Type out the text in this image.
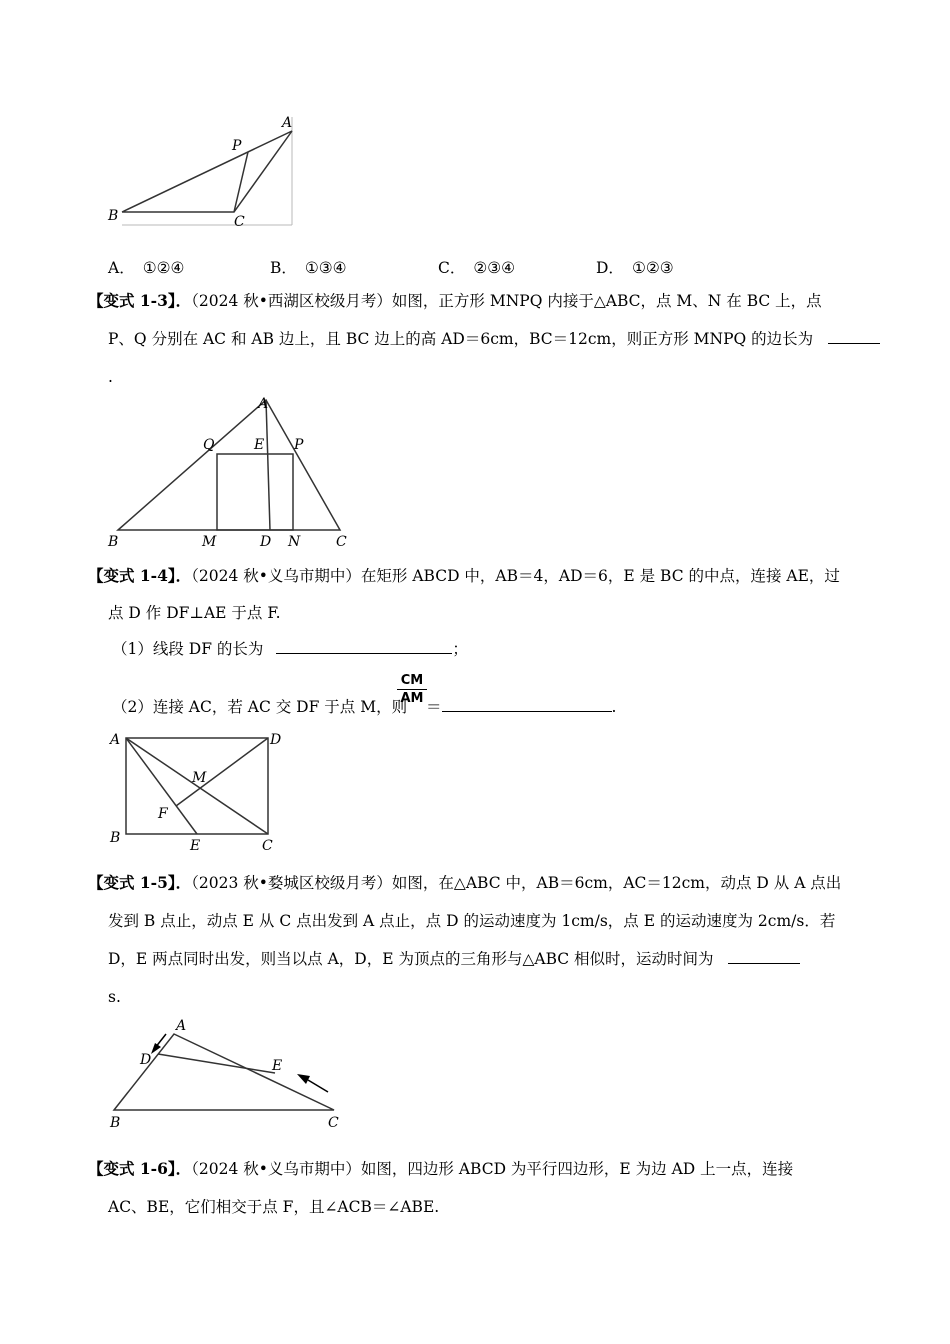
A
P
B	C
A． ①②④	B． ①③④	C． ②③④	D． ①②③
【变式 1-3】．（2024 秋•西湖区校级月考）如图，正方形 MNPQ 内接于△ABC，点 M、N 在 BC 上，点
P、Q 分别在 AC 和 AB 边上，且 BC 边上的高 AD＝6cm，BC＝12cm，则正方形 MNPQ 的边长为
.
A
Q	E P
B	M	D N	C
【变式 1-4】．（2024 秋•义乌市期中）在矩形 ABCD 中，AB＝4，AD＝6，E 是 BC 的中点，连接 AE，过
点 D 作 DF⊥AE 于点 F.
（1）线段 DF 的长为	；
（2）连接 AC，若 AC 交 DF 于点 M，则
$\frac{CM}{AM}$ ＝	.
A	D
M
F
B	E	C
【变式 1-5】．（2023 秋•婺城区校级月考）如图，在△ABC 中，AB＝6cm，AC＝12cm，动点 D 从 A 点出
发到 B 点止，动点 E 从 C 点出发到 A 点止，点 D 的运动速度为 1cm/s，点 E 的运动速度为 2cm/s．若
D，E 两点同时出发，则当以点 A，D，E 为顶点的三角形与△ABC 相似时，运动时间为
s.
A
D	E
B	C
【变式 1-6】．（2024 秋•义乌市期中）如图，四边形 ABCD 为平行四边形，E 为边 AD 上一点，连接
AC、BE，它们相交于点 F，且∠ACB＝∠ABE.
